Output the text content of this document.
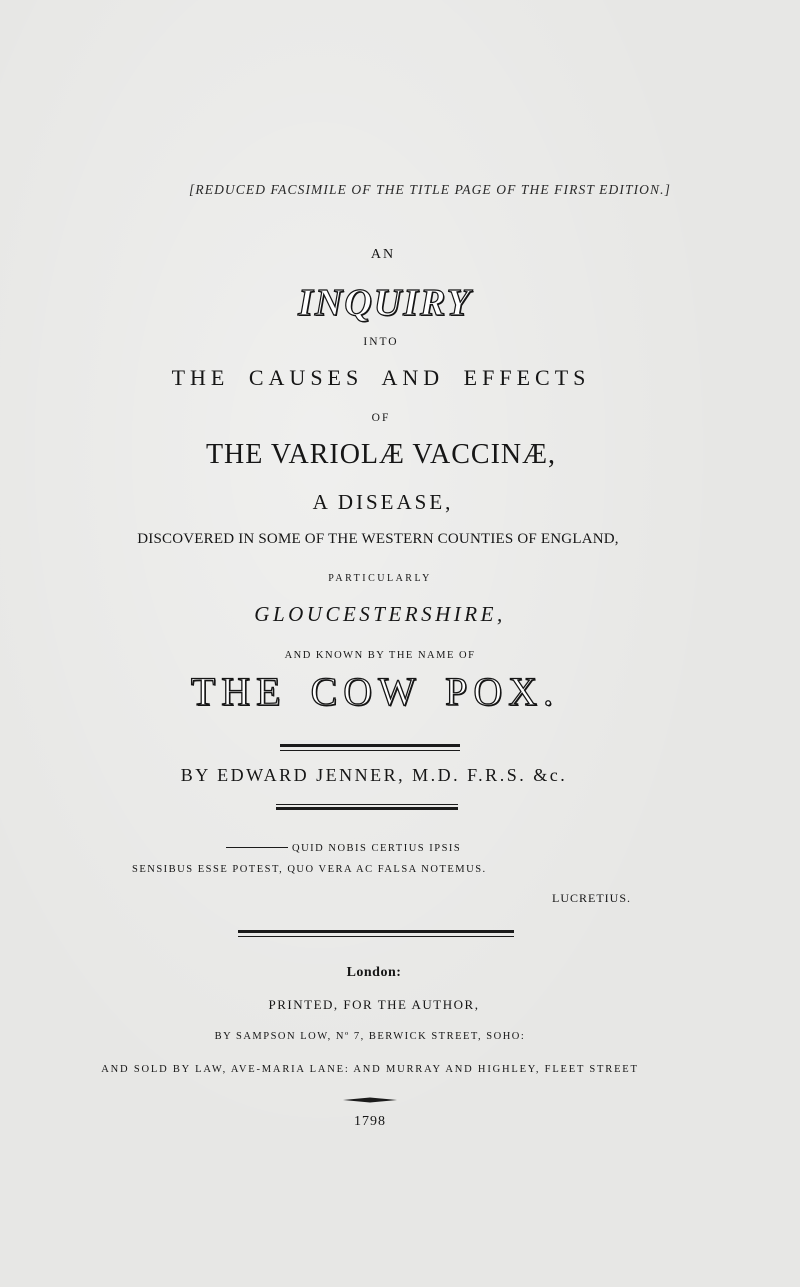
[REDUCED FACSIMILE OF THE TITLE PAGE OF THE FIRST EDITION.]
AN
INQUIRY
INTO
THE CAUSES AND EFFECTS
OF
THE VARIOLÆ VACCINÆ,
A DISEASE,
DISCOVERED IN SOME OF THE WESTERN COUNTIES OF ENGLAND,
PARTICULARLY
GLOUCESTERSHIRE,
AND KNOWN BY THE NAME OF
THE COW POX.
BY EDWARD JENNER, M.D. F.R.S. &c.
QUID NOBIS CERTIUS IPSIS
SENSIBUS ESSE POTEST, QUO VERA AC FALSA NOTEMUS.
LUCRETIUS.
London:
PRINTED, FOR THE AUTHOR,
BY SAMPSON LOW, Nº 7, BERWICK STREET, SOHO:
AND SOLD BY LAW, AVE-MARIA LANE: AND MURRAY AND HIGHLEY, FLEET STREET
1798
